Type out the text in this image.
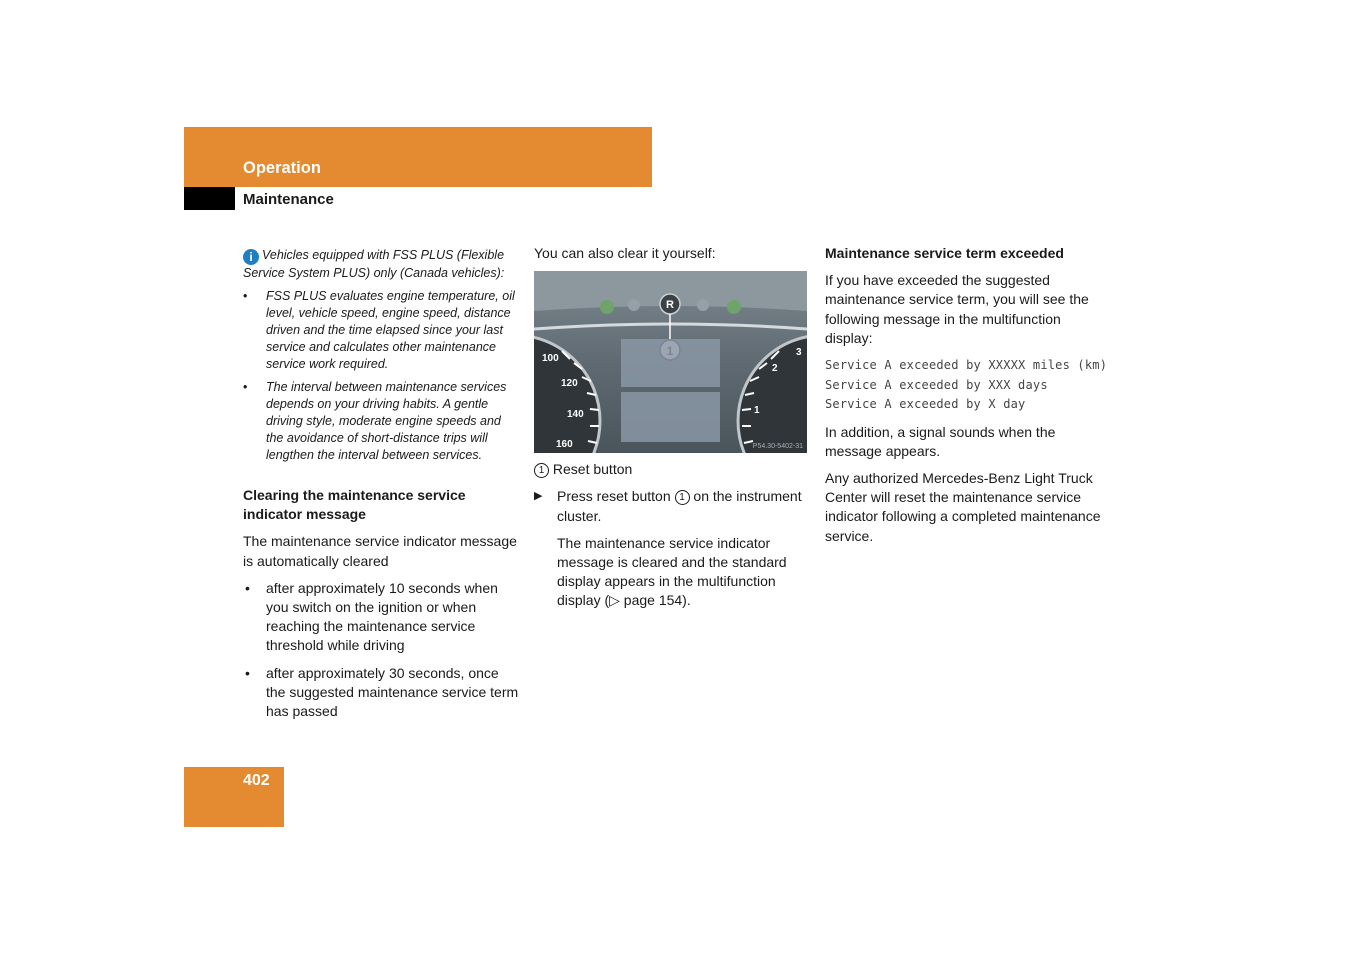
Operation
Maintenance
i Vehicles equipped with FSS PLUS (Flexible Service System PLUS) only (Canada vehicles):
• FSS PLUS evaluates engine temperature, oil level, vehicle speed, engine speed, distance driven and the time elapsed since your last service and calculates other maintenance service work required.
• The interval between maintenance services depends on your driving habits. A gentle driving style, moderate engine speeds and the avoidance of short-distance trips will lengthen the interval between services.

Clearing the maintenance service indicator message

The maintenance service indicator message is automatically cleared

• after approximately 10 seconds when you switch on the ignition or when reaching the maintenance service threshold while driving
• after approximately 30 seconds, once the suggested maintenance service term has passed

You can also clear it yourself:

R
100
120
140
160
3
2
1
P54.30-5402-31

1 Reset button

▶ Press reset button 1 on the instrument cluster.

The maintenance service indicator message is cleared and the standard display appears in the multifunction display (▷ page 154).

Maintenance service term exceeded

If you have exceeded the suggested maintenance service term, you will see the following message in the multifunction display:

Service A exceeded by XXXXX miles (km)
Service A exceeded by XXX days
Service A exceeded by X day

In addition, a signal sounds when the message appears.

Any authorized Mercedes-Benz Light Truck Center will reset the maintenance service indicator following a completed maintenance service.

402
